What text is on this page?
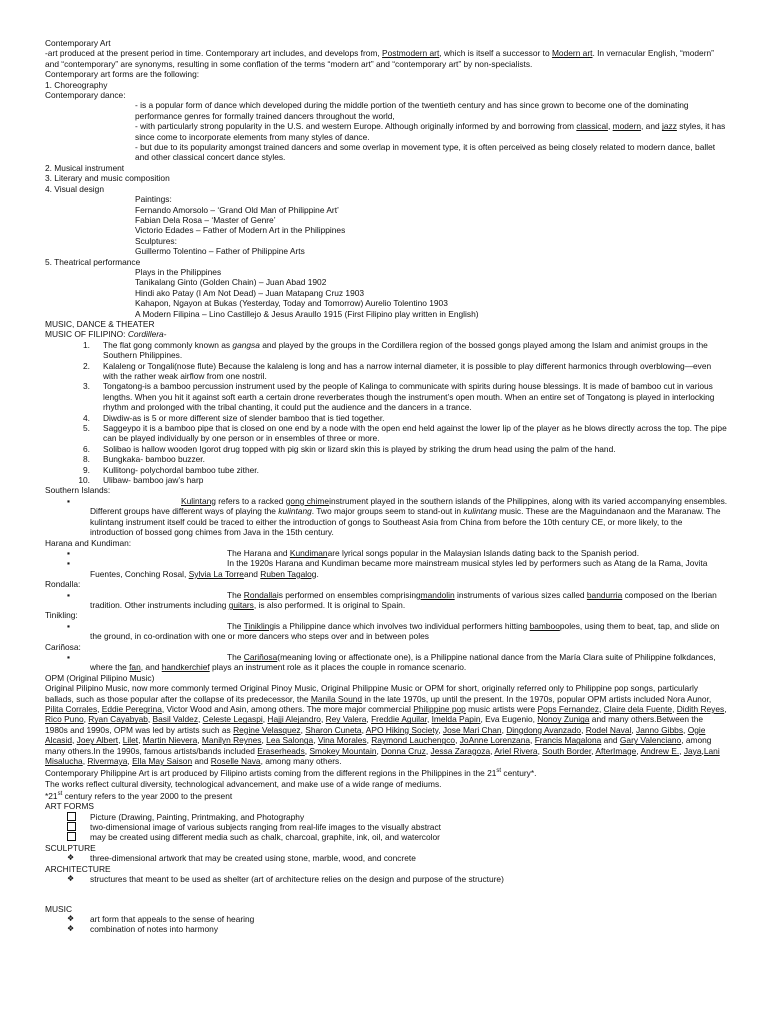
Contemporary Art

-art produced at the present period in time. Contemporary art includes, and develops from, Postmodern art, which is itself a successor to Modern art. In vernacular English, “modern” and “contemporary” are synonyms, resulting in some conflation of the terms “modern art” and “contemporary art” by non-specialists.

Contemporary art forms are the following:

1. Choreography

Contemporary dance:

- is a popular form of dance which developed during the middle portion of the twentieth century and has since grown to become one of the dominating performance genres for formally trained dancers throughout the world,

- with particularly strong popularity in the U.S. and western Europe. Although originally informed by and borrowing from classical, modern, and jazz styles, it has since come to incorporate elements from many styles of dance.

- but due to its popularity amongst trained dancers and some overlap in movement type, it is often perceived as being closely related to modern dance, ballet and other classical concert dance styles.

2. Musical instrument

3. Literary and music composition

4. Visual design

Paintings:

Fernando Amorsolo – ‘Grand Old Man of Philippine Art’

Fabian Dela Rosa – ‘Master of Genre’

Victorio Edades – Father of Modern Art in the Philippines

Sculptures:

Guillermo Tolentino – Father of Philippine Arts

5. Theatrical performance

Plays in the Philippines

Tanikalang Ginto (Golden Chain) – Juan Abad 1902

Hindi ako Patay (I Am Not Dead) – Juan Matapang Cruz 1903

Kahapon, Ngayon at Bukas (Yesterday, Today and Tomorrow) Aurelio Tolentino 1903

A Modern Filipina – Lino Castillejo & Jesus Araullo 1915 (First Filipino play written in English)

MUSIC, DANCE & THEATER

MUSIC OF FILIPINO: Cordillera-

1.	The flat gong commonly known as gangsa and played by the groups in the Cordillera region of the bossed gongs played among the Islam and animist groups in the Southern Philippines.
2.	Kalaleng or Tongali(nose flute) Because the kalaleng is long and has a narrow internal diameter, it is possible to play different harmonics through overblowing—even with the rather weak airflow from one nostril.
3.	Tongatong-is a bamboo percussion instrument used by the people of Kalinga to communicate with spirits during house blessings. It is made of bamboo cut in various lengths. When you hit it against soft earth a certain drone reverberates though the instrument’s open mouth. When an entire set of Tongatong is played in interlocking rhythm and prolonged with the tribal chanting, it could put the audience and the dancers in a trance.
4.	Diwdiw-as is 5 or more different size of slender bamboo that is tied together.
5.	Saggeypo it is a bamboo pipe that is closed on one end by a node with the open end held against the lower lip of the player as he blows directly across the top. The pipe can be played individually by one person or in ensembles of three or more.
6.	Solibao is hallow wooden Igorot drug topped with pig skin or lizard skin this is played by striking the drum head using the palm of the hand.
8.	Bungkaka- bamboo buzzer.
9.	Kullitong- polychordal bamboo tube zither.
10.	Ulibaw- bamboo jaw’s harp

Southern Islands:

▪	Kulintang refers to a racked gong chimeinstrument played in the southern islands of the Philippines, along with its varied accompanying ensembles. Different groups have different ways of playing the kulintang. Two major groups seem to stand-out in kulintang music. These are the Maguindanaon and the Maranaw. The kulintang instrument itself could be traced to either the introduction of gongs to Southeast Asia from China from before the 10th century CE, or more likely, to the introduction of bossed gong chimes from Java in the 15th century.

Harana and Kundiman:

▪	The Harana and Kundimanare lyrical songs popular in the Malaysian Islands dating back to the Spanish period.
▪	In the 1920s Harana and Kundiman became more mainstream musical styles led by performers such as Atang de la Rama, Jovita Fuentes, Conching Rosal, Sylvia La Torreand Ruben Tagalog.

Rondalla:

▪	The Rondallais performed on ensembles comprisingmandolin instruments of various sizes called bandurria composed on the Iberian tradition. Other instruments including guitars, is also performed. It is original to Spain.

Tinikling:

▪	The Tiniklingis a Philippine dance which involves two individual performers hitting bamboopoles, using them to beat, tap, and slide on the ground, in co-ordination with one or more dancers who steps over and in between poles

Cariñosa:

▪	The Cariñosa(meaning loving or affectionate one), is a Philippine national dance from the María Clara suite of Philippine folkdances, where the fan, and handkerchief plays an instrument role as it places the couple in romance scenario.

OPM (Original Pilipino Music)

Original Pilipino Music, now more commonly termed Original Pinoy Music, Original Philippine Music or OPM for short, originally referred only to Philippine pop songs, particularly ballads, such as those popular after the collapse of its predecessor, the Manila Sound in the late 1970s, up until the present. In the 1970s, popular OPM artists included Nora Aunor, Pilita Corrales, Eddie Peregrina, Victor Wood and Asin, among others. The more major commercial Philippine pop music artists were Pops Fernandez, Claire dela Fuente, Didith Reyes, Rico Puno, Ryan Cayabyab, Basil Valdez, Celeste Legaspi, Hajji Alejandro, Rey Valera, Freddie Aguilar, Imelda Papin, Eva Eugenio, Nonoy Zuniga and many others.Between the 1980s and 1990s, OPM was led by artists such as Regine Velasquez, Sharon Cuneta, APO Hiking Society, Jose Mari Chan, Dingdong Avanzado, Rodel Naval, Janno Gibbs, Ogie Alcasid, Joey Albert, Lilet, Martin Nievera, Manilyn Reynes, Lea Salonga, Vina Morales, Raymond Lauchengco, JoAnne Lorenzana, Francis Magalona and Gary Valenciano, among many others.In the 1990s, famous artists/bands included Eraserheads, Smokey Mountain, Donna Cruz, Jessa Zaragoza, Ariel Rivera, South Border, AfterImage, Andrew E., Jaya,Lani Misalucha, Rivermaya, Ella May Saison and Roselle Nava, among many others.

Contemporary Philippine Art is art produced by Filipino artists coming from the different regions in the Philippines in the 21st century*.

The works reflect cultural diversity, technological advancement, and make use of a wide range of mediums.

*21st century refers to the year 2000 to the present

ART FORMS

Picture (Drawing, Painting, Printmaking, and Photography
two-dimensional image of various subjects ranging from real-life images to the visually abstract
may be created using different media such as chalk, charcoal, graphite, ink, oil, and watercolor

SCULPTURE

❖	three-dimensional artwork that may be created using stone, marble, wood, and concrete

ARCHITECTURE

❖	structures that meant to be used as shelter (art of architecture relies on the design and purpose of the structure)

MUSIC

❖	art form that appeals to the sense of hearing
❖	combination of notes into harmony
